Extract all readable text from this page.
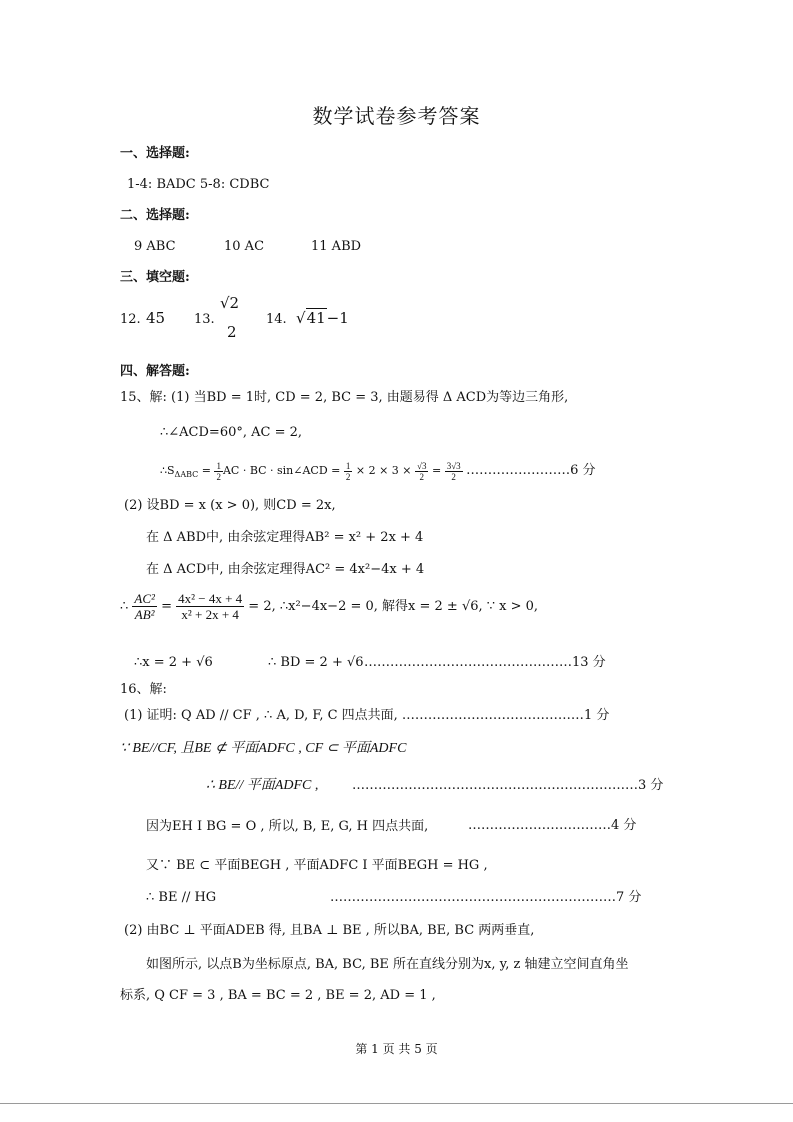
数学试卷参考答案
一、选择题:
1-4: BADC 5-8: CDBC
二、选择题:
9 ABC	10 AC	11 ABD
三、填空题:
12. 45 13.
√2
2
14. √41−1
四、解答题:
15、解: (1) 当BD = 1时, CD = 2, BC = 3, 由题易得 Δ ACD为等边三角形,
∴∠ACD=60°, AC = 2,
$\therefore S_{\Delta ABC} = \frac{1}{2}$ AC · BC · sin∠ACD = $\frac{1}{2} \times 2 \times 3 \times \frac{√3}{2} = \frac{3√3}{2}$ ……………………6 分
(2) 设BD = x (x > 0), 则CD = 2x,
在 Δ ABD中, 由余弦定理得AB² = x² + 2x + 4
在 Δ ACD中, 由余弦定理得AC² = 4x²−4x + 4
∴ $\frac{\text{AC²}}{\text{AB²}} = \frac{\text{4x² − 4x + 4}}{\text{x² + 2x + 4}} = 2$, ∴x²−4x−2 = 0, 解得x = 2 ± √6, ∵ x > 0,
∴x = 2 + √6	∴ BD = 2 + √6 …………………………………………13 分
16、解:
(1) 证明: Q AD // CF , ∴ A, D, F, C 四点共面, ……………………………………1 分
∵ BE//CF, 且BE ⊄ 平面ADFC , CF ⊂ 平面ADFC
∴ BE// 平面ADFC ,	…………………………………………………………3 分
因为EH I BG = O , 所以, B, E, G, H 四点共面,	……………………………4 分
又∵ BE ⊂ 平面BEGH , 平面ADFC I 平面BEGH = HG ,
∴ BE // HG	…………………………………………………………7 分
(2) 由BC ⊥ 平面ADEB 得, 且BA ⊥ BE , 所以BA, BE, BC 两两垂直,
如图所示, 以点B为坐标原点, BA, BC, BE 所在直线分别为x, y, z 轴建立空间直角坐
标系, Q CF = 3 , BA = BC = 2 , BE = 2, AD = 1 ,
第 1 页 共 5 页
